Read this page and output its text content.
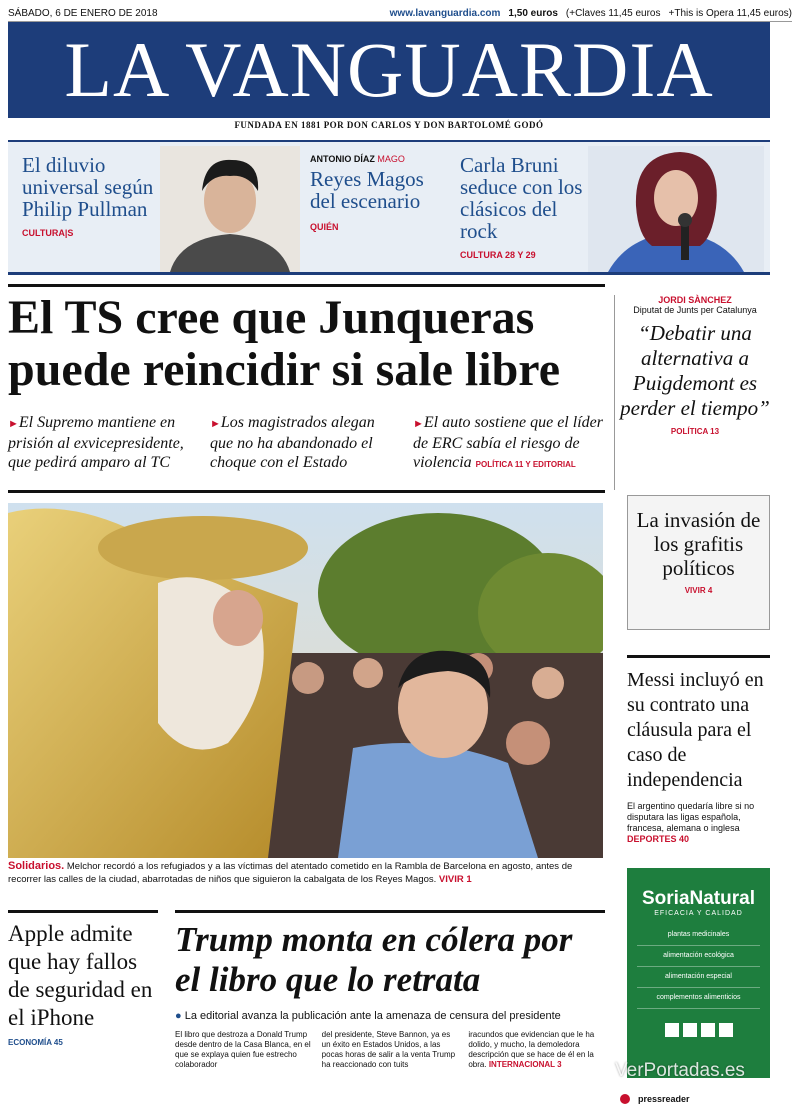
SÁBADO, 6 DE ENERO DE 2018	www.lavanguardia.com 1,50 euros (+Claves 11,45 euros +This is Opera 11,45 euros)
LA VANGUARDIA
FUNDADA EN 1881 POR DON CARLOS Y DON BARTOLOMÉ GODÓ
El diluvio universal según Philip Pullman
CULTURA|S
ANTONIO DÍAZ MAGO
Reyes Magos del escenario
QUIÉN
Carla Bruni seduce con los clásicos del rock
CULTURA 28 Y 29
El TS cree que Junqueras puede reincidir si sale libre
►El Supremo mantiene en prisión al exvicepresidente, que pedirá amparo al TC
►Los magistrados alegan que no ha abandonado el choque con el Estado
►El auto sostiene que el líder de ERC sabía el riesgo de violencia POLÍTICA 11 Y EDITORIAL
JORDI SÀNCHEZ
Diputat de Junts per Catalunya
“Debatir una alternativa a Puigdemont es perder el tiempo”
POLÍTICA 13
La invasión de los grafitis políticos
VIVIR 4
Messi incluyó en su contrato una cláusula para el caso de independencia
El argentino quedaría libre si no disputara las ligas española, francesa, alemana o inglesa DEPORTES 40
SoriaNatural
EFICACIA Y CALIDAD
plantas medicinales
alimentación ecológica
alimentación especial
complementos alimenticios
Solidarios. Melchor recordó a los refugiados y a las víctimas del atentado cometido en la Rambla de Barcelona en agosto, antes de recorrer las calles de la ciudad, abarrotadas de niños que siguieron la cabalgata de los Reyes Magos. VIVIR 1
Apple admite que hay fallos de seguridad en el iPhone
ECONOMÍA 45
Trump monta en cólera por el libro que lo retrata
● La editorial avanza la publicación ante la amenaza de censura del presidente
El libro que destroza a Donald Trump desde dentro de la Casa Blanca, en el que se explaya quien fue estrecho colaborador
del presidente, Steve Bannon, ya es un éxito en Estados Unidos, a las pocas horas de salir a la venta Trump ha reaccionado con tuits
iracundos que evidencian que le ha dolido, y mucho, la demoledora descripción que se hace de él en la obra. INTERNACIONAL 3	VerPortadas.es
pressreader
